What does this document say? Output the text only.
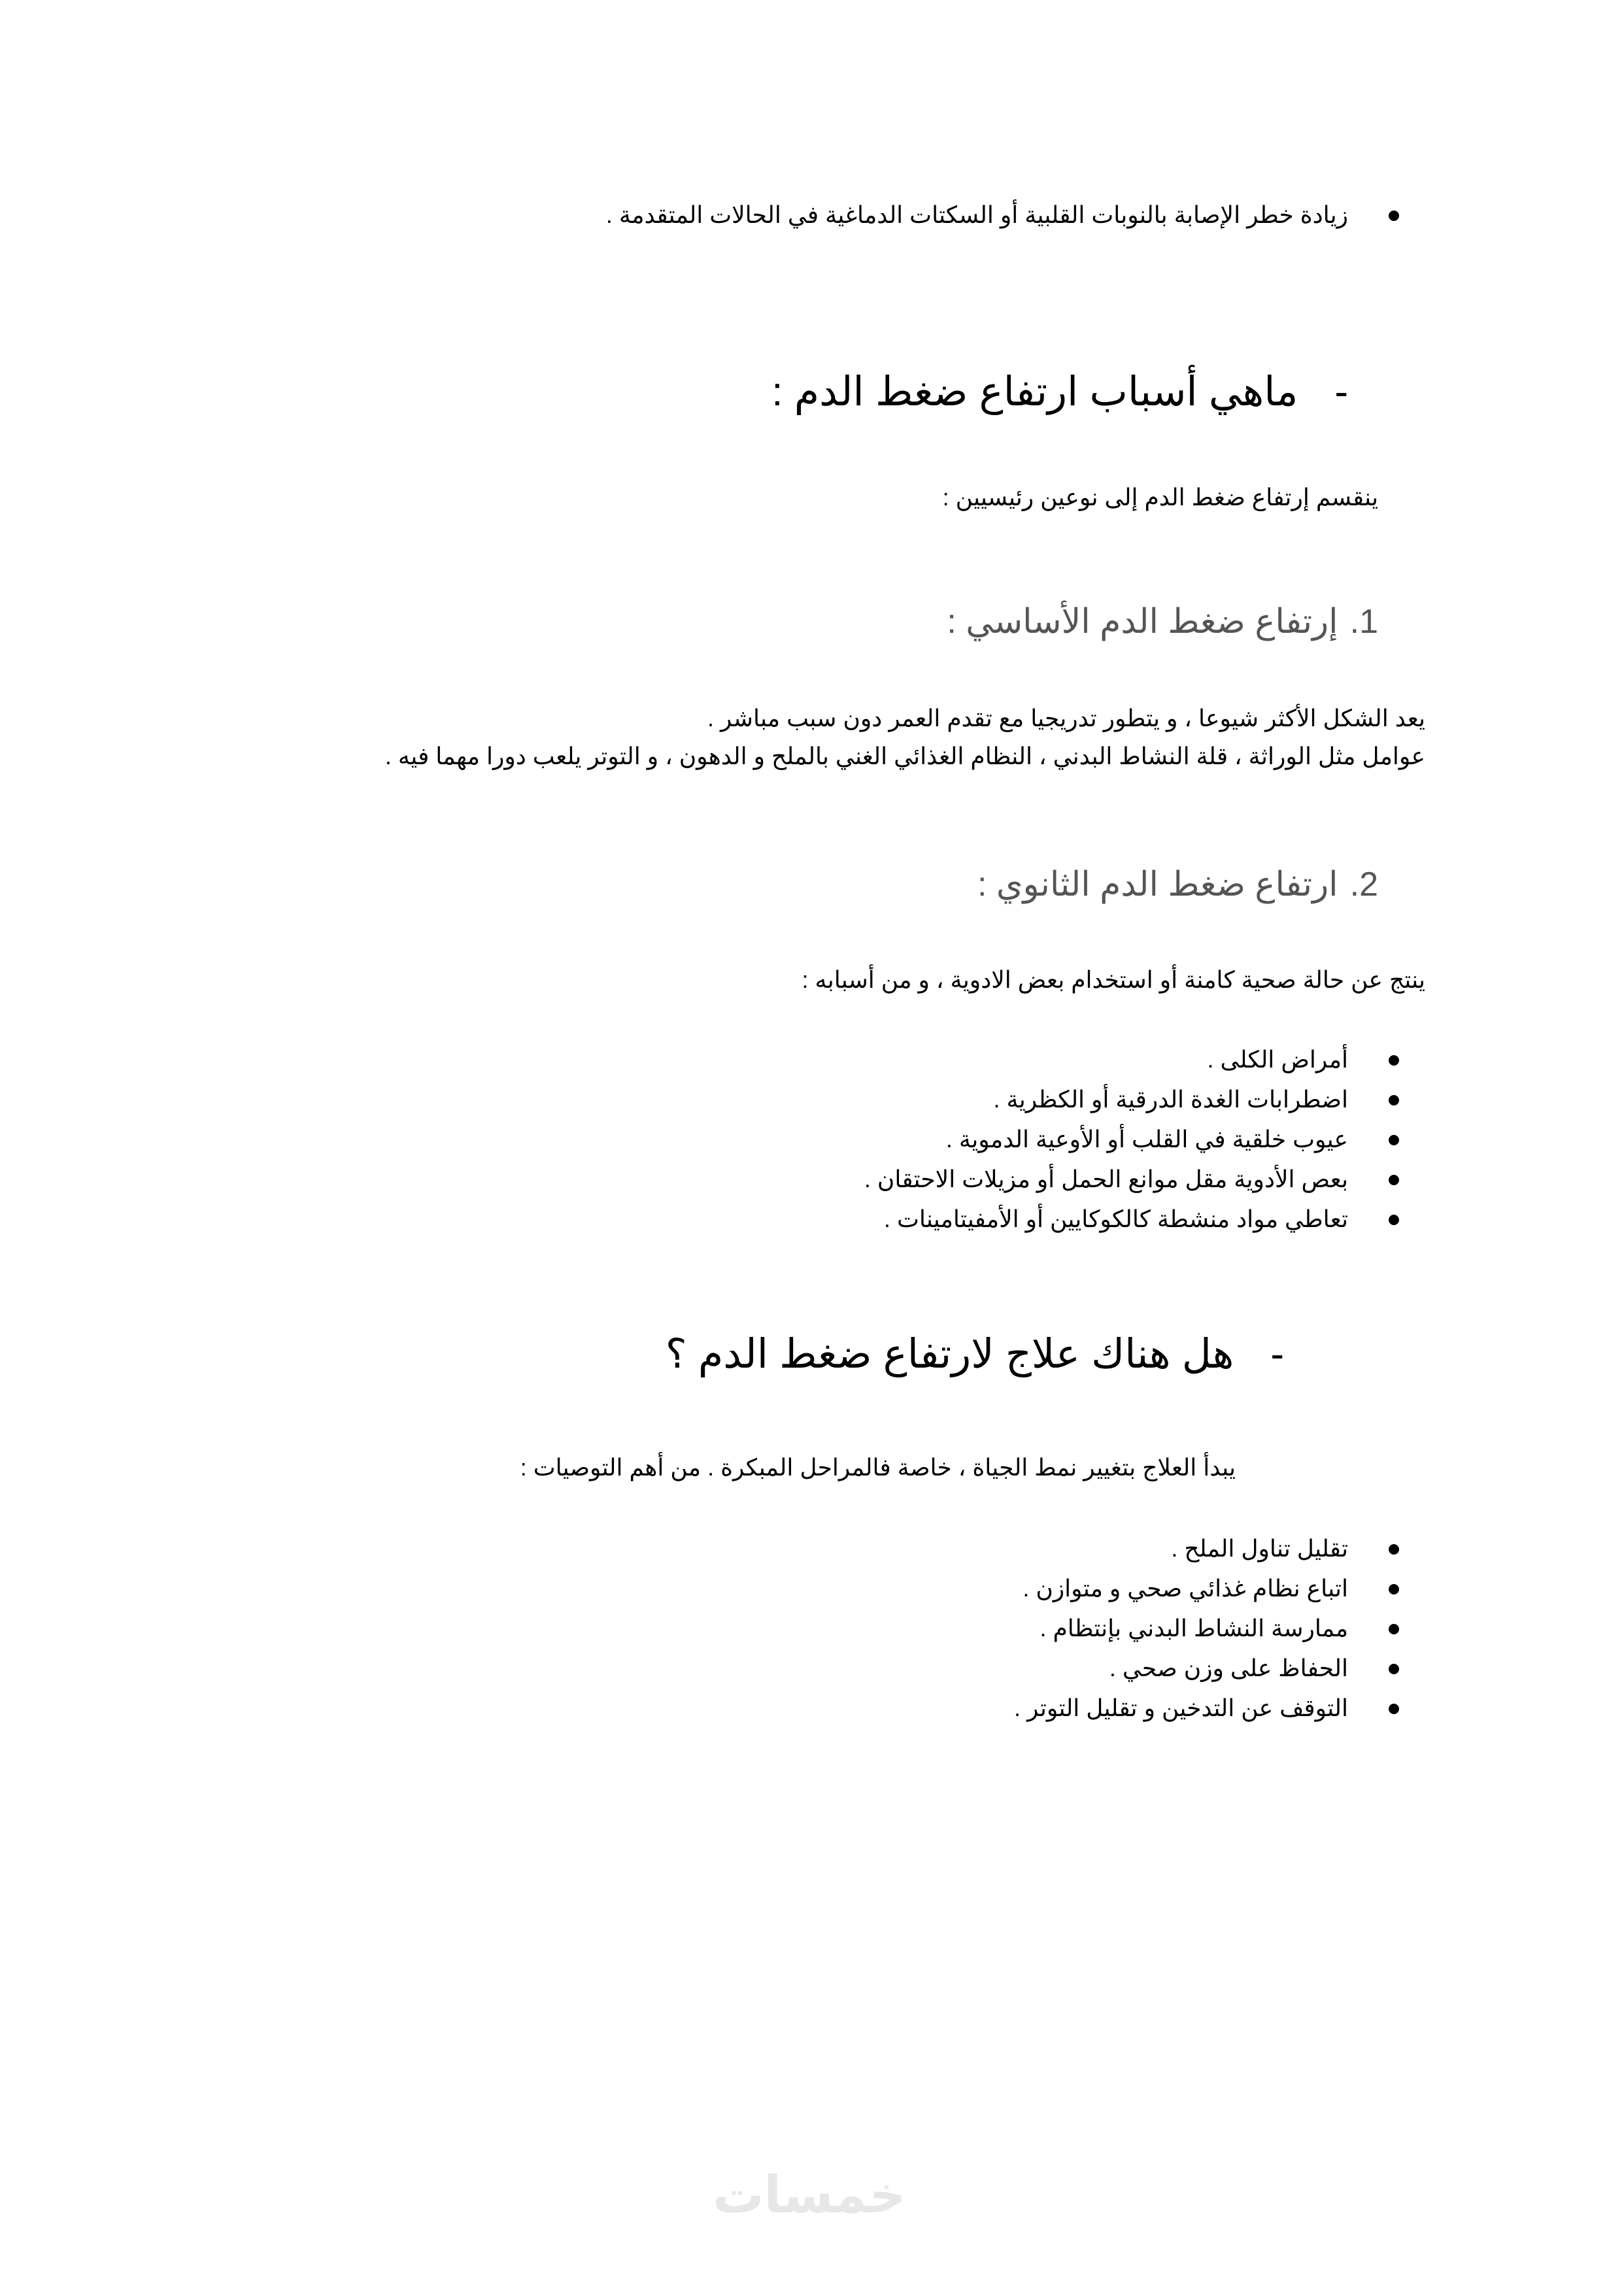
زيادة خطر الإصابة بالنوبات القلبية أو السكتات الدماغية في الحالات المتقدمة .
-ماهي أسباب ارتفاع ضغط الدم :
ينقسم إرتفاع ضغط الدم إلى نوعين رئيسيين :
1.إرتفاع ضغط الدم الأساسي :
يعد الشكل الأكثر شيوعا ، و يتطور تدريجيا مع تقدم العمر دون سبب مباشر .
عوامل مثل الوراثة ، قلة النشاط البدني ، النظام الغذائي الغني بالملح و الدهون ، و التوتر يلعب دورا مهما فيه .
2.ارتفاع ضغط الدم الثانوي :
ينتج عن حالة صحية كامنة أو استخدام بعض الادوية ، و من أسبابه :
أمراض الكلى .
اضطرابات الغدة الدرقية أو الكظرية .
عيوب خلقية في القلب أو الأوعية الدموية .
بعص الأدوية مقل موانع الحمل أو مزيلات الاحتقان .
تعاطي مواد منشطة كالكوكايين أو الأمفيتامينات .
-هل هناك علاج لارتفاع ضغط الدم ؟
يبدأ العلاج بتغيير نمط الجياة ، خاصة فالمراحل المبكرة . من أهم التوصيات :
تقليل تناول الملح .
اتباع نظام غذائي صحي و متوازن .
ممارسة النشاط البدني بإنتظام .
الحفاظ على وزن صحي .
التوقف عن التدخين و تقليل التوتر .
خمسات
